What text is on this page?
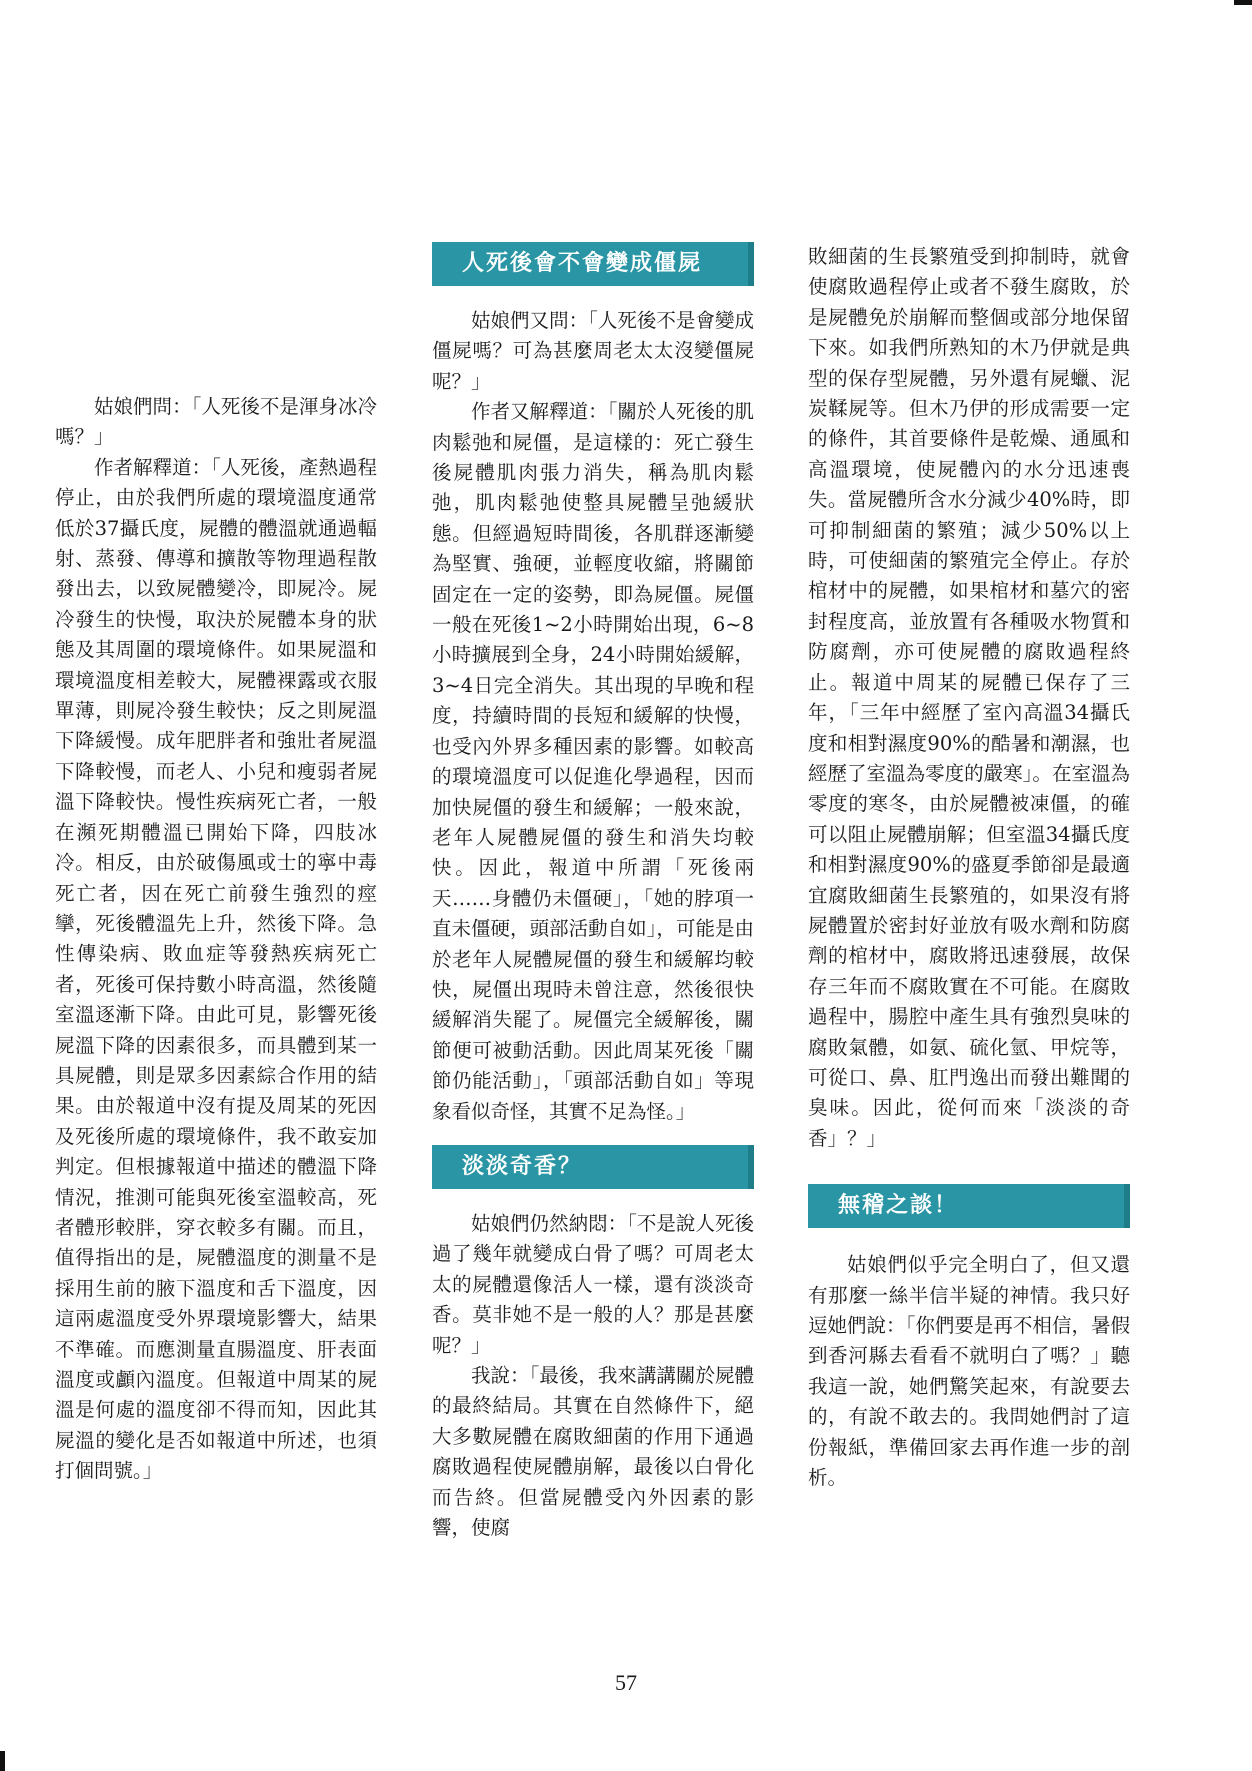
姑娘們問：「人死後不是渾身冰冷嗎？」

作者解釋道：「人死後，產熱過程停止，由於我們所處的環境溫度通常低於37攝氏度，屍體的體溫就通過輻射、蒸發、傳導和擴散等物理過程散發出去，以致屍體變冷，即屍冷。屍冷發生的快慢，取決於屍體本身的狀態及其周圍的環境條件。如果屍溫和環境溫度相差較大，屍體裸露或衣服單薄，則屍冷發生較快；反之則屍溫下降緩慢。成年肥胖者和強壯者屍溫下降較慢，而老人、小兒和瘦弱者屍溫下降較快。慢性疾病死亡者，一般在瀕死期體溫已開始下降，四肢冰冷。相反，由於破傷風或士的寧中毒死亡者，因在死亡前發生強烈的痙攣，死後體溫先上升，然後下降。急性傳染病、敗血症等發熱疾病死亡者，死後可保持數小時高溫，然後隨室溫逐漸下降。由此可見，影響死後屍溫下降的因素很多，而具體到某一具屍體，則是眾多因素綜合作用的結果。由於報道中沒有提及周某的死因及死後所處的環境條件，我不敢妄加判定。但根據報道中描述的體溫下降情況，推測可能與死後室溫較高，死者體形較胖，穿衣較多有關。而且，值得指出的是，屍體溫度的測量不是採用生前的腋下溫度和舌下溫度，因這兩處溫度受外界環境影響大，結果不準確。而應測量直腸溫度、肝表面溫度或顱內溫度。但報道中周某的屍溫是何處的溫度卻不得而知，因此其屍溫的變化是否如報道中所述，也須打個問號。」

人死後會不會變成僵屍

姑娘們又問：「人死後不是會變成僵屍嗎？可為甚麼周老太太沒變僵屍呢？」

作者又解釋道：「關於人死後的肌肉鬆弛和屍僵，是這樣的：死亡發生後屍體肌肉張力消失，稱為肌肉鬆弛，肌肉鬆弛使整具屍體呈弛緩狀態。但經過短時間後，各肌群逐漸變為堅實、強硬，並輕度收縮，將關節固定在一定的姿勢，即為屍僵。屍僵一般在死後1~2小時開始出現，6~8小時擴展到全身，24小時開始緩解，3~4日完全消失。其出現的早晚和程度，持續時間的長短和緩解的快慢，也受內外界多種因素的影響。如較高的環境溫度可以促進化學過程，因而加快屍僵的發生和緩解；一般來說，老年人屍體屍僵的發生和消失均較快。因此，報道中所謂「死後兩天……身體仍未僵硬」，「她的脖項一直未僵硬，頭部活動自如」，可能是由於老年人屍體屍僵的發生和緩解均較快，屍僵出現時未曾注意，然後很快緩解消失罷了。屍僵完全緩解後，關節便可被動活動。因此周某死後「關節仍能活動」，「頭部活動自如」等現象看似奇怪，其實不足為怪。」

淡淡奇香？

姑娘們仍然納悶：「不是說人死後過了幾年就變成白骨了嗎？可周老太太的屍體還像活人一樣，還有淡淡奇香。莫非她不是一般的人？那是甚麼呢？」

我說：「最後，我來講講關於屍體的最終結局。其實在自然條件下，絕大多數屍體在腐敗細菌的作用下通過腐敗過程使屍體崩解，最後以白骨化而告終。但當屍體受內外因素的影響，使腐

敗細菌的生長繁殖受到抑制時，就會使腐敗過程停止或者不發生腐敗，於是屍體免於崩解而整個或部分地保留下來。如我們所熟知的木乃伊就是典型的保存型屍體，另外還有屍蠟、泥炭鞣屍等。但木乃伊的形成需要一定的條件，其首要條件是乾燥、通風和高溫環境，使屍體內的水分迅速喪失。當屍體所含水分減少40%時，即可抑制細菌的繁殖；減少50%以上時，可使細菌的繁殖完全停止。存於棺材中的屍體，如果棺材和墓穴的密封程度高，並放置有各種吸水物質和防腐劑，亦可使屍體的腐敗過程終止。報道中周某的屍體已保存了三年，「三年中經歷了室內高溫34攝氏度和相對濕度90%的酷暑和潮濕，也經歷了室溫為零度的嚴寒」。在室溫為零度的寒冬，由於屍體被凍僵，的確可以阻止屍體崩解；但室溫34攝氏度和相對濕度90%的盛夏季節卻是最適宜腐敗細菌生長繁殖的，如果沒有將屍體置於密封好並放有吸水劑和防腐劑的棺材中，腐敗將迅速發展，故保存三年而不腐敗實在不可能。在腐敗過程中，腸腔中產生具有強烈臭味的腐敗氣體，如氨、硫化氫、甲烷等，可從口、鼻、肛門逸出而發出難聞的臭味。因此，從何而來「淡淡的奇香」？」

無稽之談！

姑娘們似乎完全明白了，但又還有那麼一絲半信半疑的神情。我只好逗她們說：「你們要是再不相信，暑假到香河縣去看看不就明白了嗎？」聽我這一說，她們驚笑起來，有說要去的，有說不敢去的。我問她們討了這份報紙，準備回家去再作進一步的剖析。

57
